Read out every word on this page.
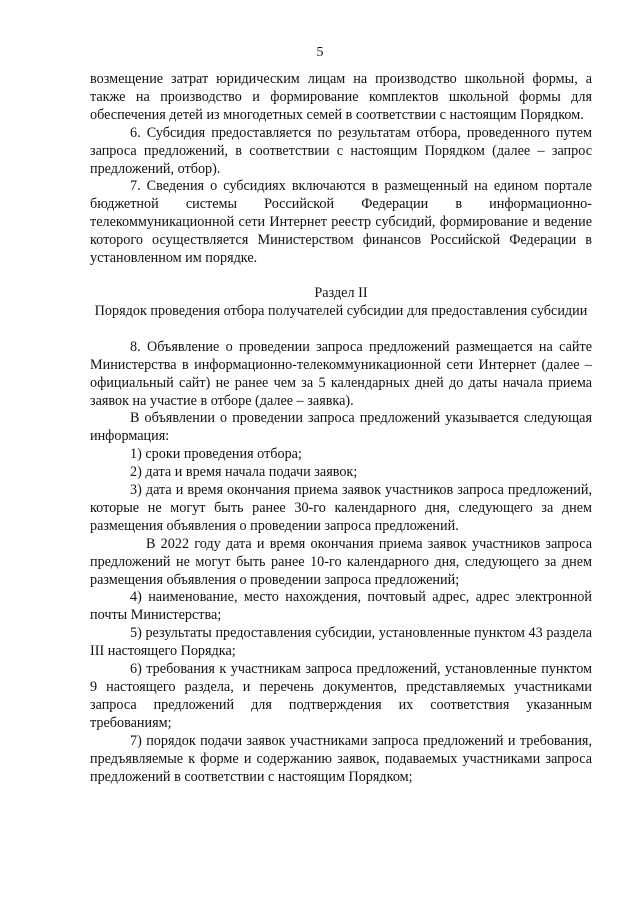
5

возмещение затрат юридическим лицам на производство школьной формы, а также на производство и формирование комплектов школьной формы для обеспечения детей из многодетных семей в соответствии с настоящим Порядком.

6. Субсидия предоставляется по результатам отбора, проведенного путем запроса предложений, в соответствии с настоящим Порядком (далее – запрос предложений, отбор).

7. Сведения о субсидиях включаются в размещенный на едином портале бюджетной системы Российской Федерации в информационно-телекоммуникационной сети Интернет реестр субсидий, формирование и ведение которого осуществляется Министерством финансов Российской Федерации в установленном им порядке.

Раздел II

Порядок проведения отбора получателей субсидии для предоставления субсидии

8. Объявление о проведении запроса предложений размещается на сайте Министерства в информационно-телекоммуникационной сети Интернет (далее – официальный сайт) не ранее чем за 5 календарных дней до даты начала приема заявок на участие в отборе (далее – заявка).

В объявлении о проведении запроса предложений указывается следующая информация:

1) сроки проведения отбора;

2) дата и время начала подачи заявок;

3) дата и время окончания приема заявок участников запроса предложений, которые не могут быть ранее 30-го календарного дня, следующего за днем размещения объявления о проведении запроса предложений.

В 2022 году дата и время окончания приема заявок участников запроса предложений не могут быть ранее 10-го календарного дня, следующего за днем размещения объявления о проведении запроса предложений;

4) наименование, место нахождения, почтовый адрес, адрес электронной почты Министерства;

5) результаты предоставления субсидии, установленные пунктом 43 раздела III настоящего Порядка;

6) требования к участникам запроса предложений, установленные пунктом 9 настоящего раздела, и перечень документов, представляемых участниками запроса предложений для подтверждения их соответствия указанным требованиям;

7) порядок подачи заявок участниками запроса предложений и требования, предъявляемые к форме и содержанию заявок, подаваемых участниками запроса предложений в соответствии с настоящим Порядком;
